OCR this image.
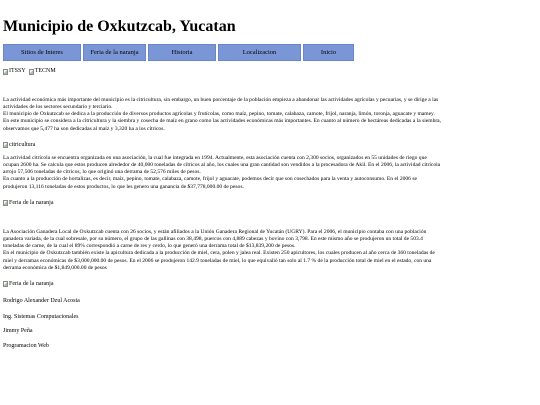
Municipio de Oxkutzcab, Yucatan
Sitios de Interes	Feria de la naranja	Historia	Localizacion	Inicio
ITSSY TECNM
La actividad económica más importante del municipio es la citricultura, sin embargo, un buen porcentaje de la población empieza a abandonar las actividades agrícolas y pecuarias, y se dirige a las
actividades de los sectores secundario y terciario.
El municipio de Oxkutzcab se dedica a la producción de diversos productos agrícolas y frutícolas, como maíz, pepino, tomate, calabaza, camote, frijol, naranja, limón, toronja, aguacate y mamey.
En este municipio se considera a la citricultura y la siembra y cosecha de maíz en grano como las actividades económicas más importantes. En cuanto al número de hectáreas dedicadas a la siembra,
observamos que 5,477 ha son dedicadas al maíz y 3,320 ha a los cítricos.
citricultura
La actividad citrícola se encuentra organizada en una asociación, la cual fue integrada en 1994. Actualmente, esta asociación cuenta con 2,300 socios, organizados en 55 unidades de riego que
ocupan 2600 ha. Se calcula que estos producen alrededor de 40,000 toneladas de cítricos al año, los cuales una gran cantidad son vendidos a la procesadora de Akil. En el 2006, la actividad citrícola
arrojo 57,506 toneladas de cítricos, lo que originó una derrama de 52,576 miles de pesos.
En cuanto a la producción de hortalizas, es decir, maíz, pepino, tomate, calabaza, camote, frijol y aguacate, podemos decir que son cosechados para la venta y autoconsumo. En el 2006 se
produjeron 13,116 toneladas de estos productos, lo que les genero una ganancia de $37,778,000.00 de pesos.
Feria de la naranja
La Asociación Ganadera Local de Oxkutzcab cuenta con 26 socios, y están afiliados a la Unión Ganadera Regional de Yucatán (UGRY). Para el 2006, el municipio contaba con una población
ganadera variada, de la cual sobresale, por su número, el grupo de las gallinas con 38,498, puercos con 4,889 cabezas y bovino con 3,798. En este mismo año se produjeron un total de 503.4
toneladas de carne, de la cual el 89% correspondió a carne de res y cerdo, lo que generó una derrama total de $13,839,200 de pesos.
En el municipio de Oxkutzcab también existe la apicultura dedicada a la producción de miel, cera, polen y jalea real. Existen 250 apicultores, los cuales producen al año cerca de 360 toneladas de
miel y derramas económicas de $3,000,000.00 de pesos. En el 2006 se produjeron 142.9 toneladas de miel, lo que equivalió tan solo al 1.7 % de la producción total de miel en el estado, con una
derrama económica de $1,849,000.00 de pesos
Feria de la naranja

Rodrigo Alexander Dzul Acosta

Ing. Sistemas Computacionales

Jimmy Peña

Programacion Web
